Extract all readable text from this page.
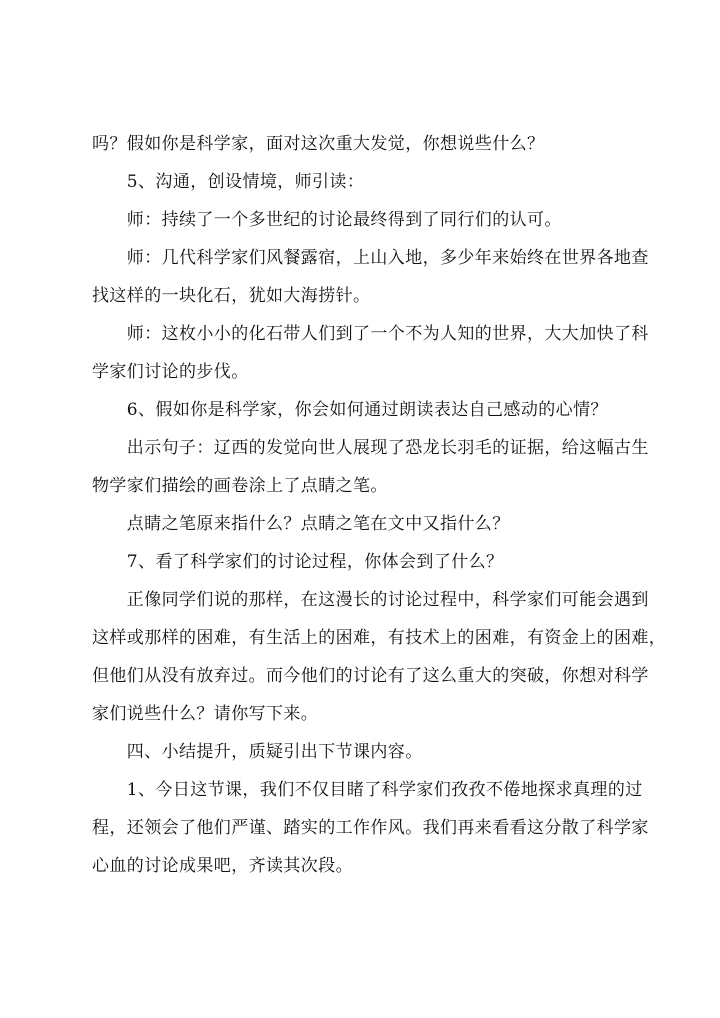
吗？假如你是科学家，面对这次重大发觉，你想说些什么？

　　5、沟通，创设情境，师引读：

　　师：持续了一个多世纪的讨论最终得到了同行们的认可。

　　师：几代科学家们风餐露宿，上山入地，多少年来始终在世界各地查
找这样的一块化石，犹如大海捞针。

　　师：这枚小小的化石带人们到了一个不为人知的世界，大大加快了科
学家们讨论的步伐。

　　6、假如你是科学家，你会如何通过朗读表达自己感动的心情？

　　出示句子：辽西的发觉向世人展现了恐龙长羽毛的证据，给这幅古生
物学家们描绘的画卷涂上了点睛之笔。

　　点睛之笔原来指什么？点睛之笔在文中又指什么？

　　7、看了科学家们的讨论过程，你体会到了什么？

　　正像同学们说的那样，在这漫长的讨论过程中，科学家们可能会遇到
这样或那样的困难，有生活上的困难，有技术上的困难，有资金上的困难，
但他们从没有放弃过。而今他们的讨论有了这么重大的突破，你想对科学
家们说些什么？请你写下来。

　　四、小结提升，质疑引出下节课内容。

　　1、今日这节课，我们不仅目睹了科学家们孜孜不倦地探求真理的过
程，还领会了他们严谨、踏实的工作作风。我们再来看看这分散了科学家
心血的讨论成果吧，齐读其次段。
